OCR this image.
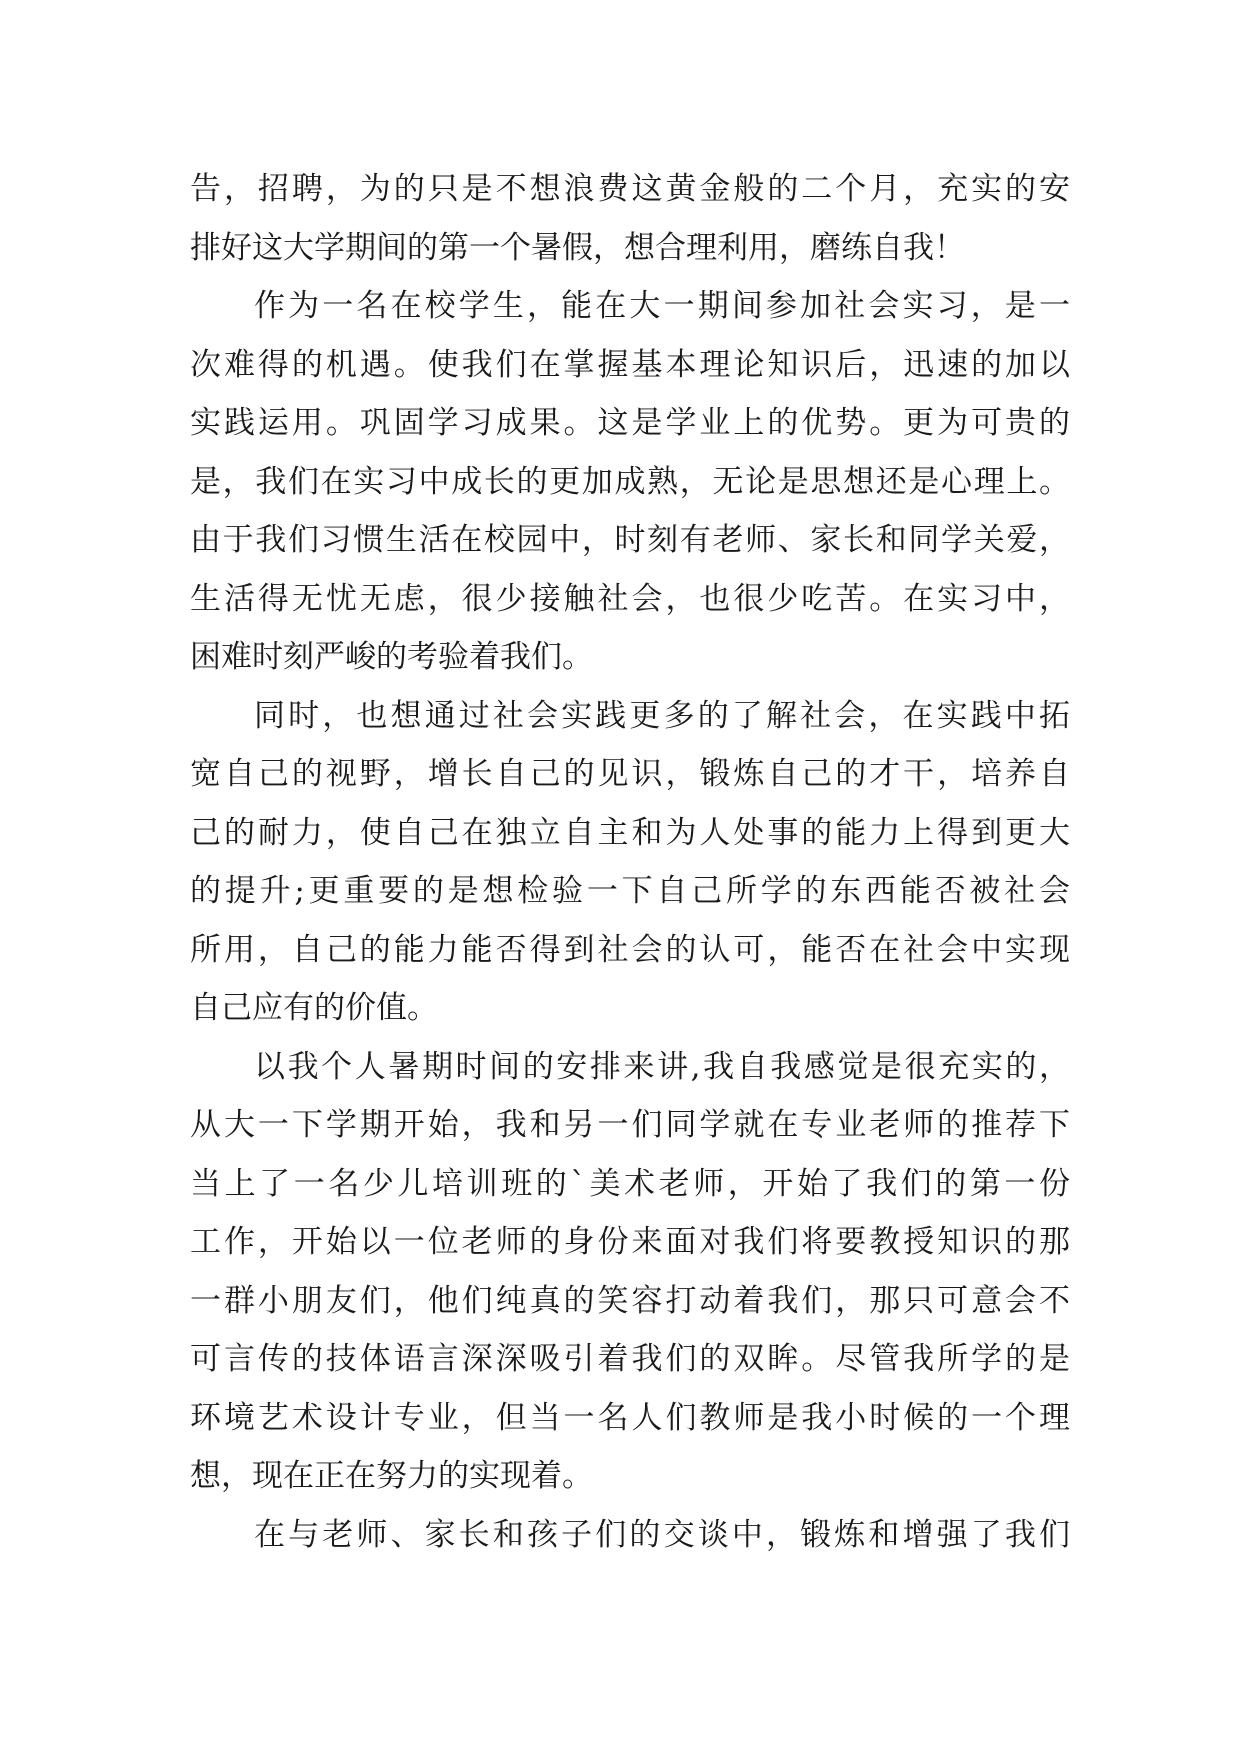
告，招聘，为的只是不想浪费这黄金般的二个月，充实的安
排好这大学期间的第一个暑假，想合理利用，磨练自我！
作为一名在校学生，能在大一期间参加社会实习，是一
次难得的机遇。使我们在掌握基本理论知识后，迅速的加以
实践运用。巩固学习成果。这是学业上的优势。更为可贵的
是，我们在实习中成长的更加成熟，无论是思想还是心理上。
由于我们习惯生活在校园中，时刻有老师、家长和同学关爱，
生活得无忧无虑，很少接触社会，也很少吃苦。在实习中，
困难时刻严峻的考验着我们。
同时，也想通过社会实践更多的了解社会，在实践中拓
宽自己的视野，增长自己的见识，锻炼自己的才干，培养自
己的耐力，使自己在独立自主和为人处事的能力上得到更大
的提升;更重要的是想检验一下自己所学的东西能否被社会
所用，自己的能力能否得到社会的认可，能否在社会中实现
自己应有的价值。
以我个人暑期时间的安排来讲,我自我感觉是很充实的，
从大一下学期开始，我和另一们同学就在专业老师的推荐下
当上了一名少儿培训班的`美术老师，开始了我们的第一份
工作，开始以一位老师的身份来面对我们将要教授知识的那
一群小朋友们，他们纯真的笑容打动着我们，那只可意会不
可言传的技体语言深深吸引着我们的双眸。尽管我所学的是
环境艺术设计专业，但当一名人们教师是我小时候的一个理
想，现在正在努力的实现着。
在与老师、家长和孩子们的交谈中，锻炼和增强了我们
